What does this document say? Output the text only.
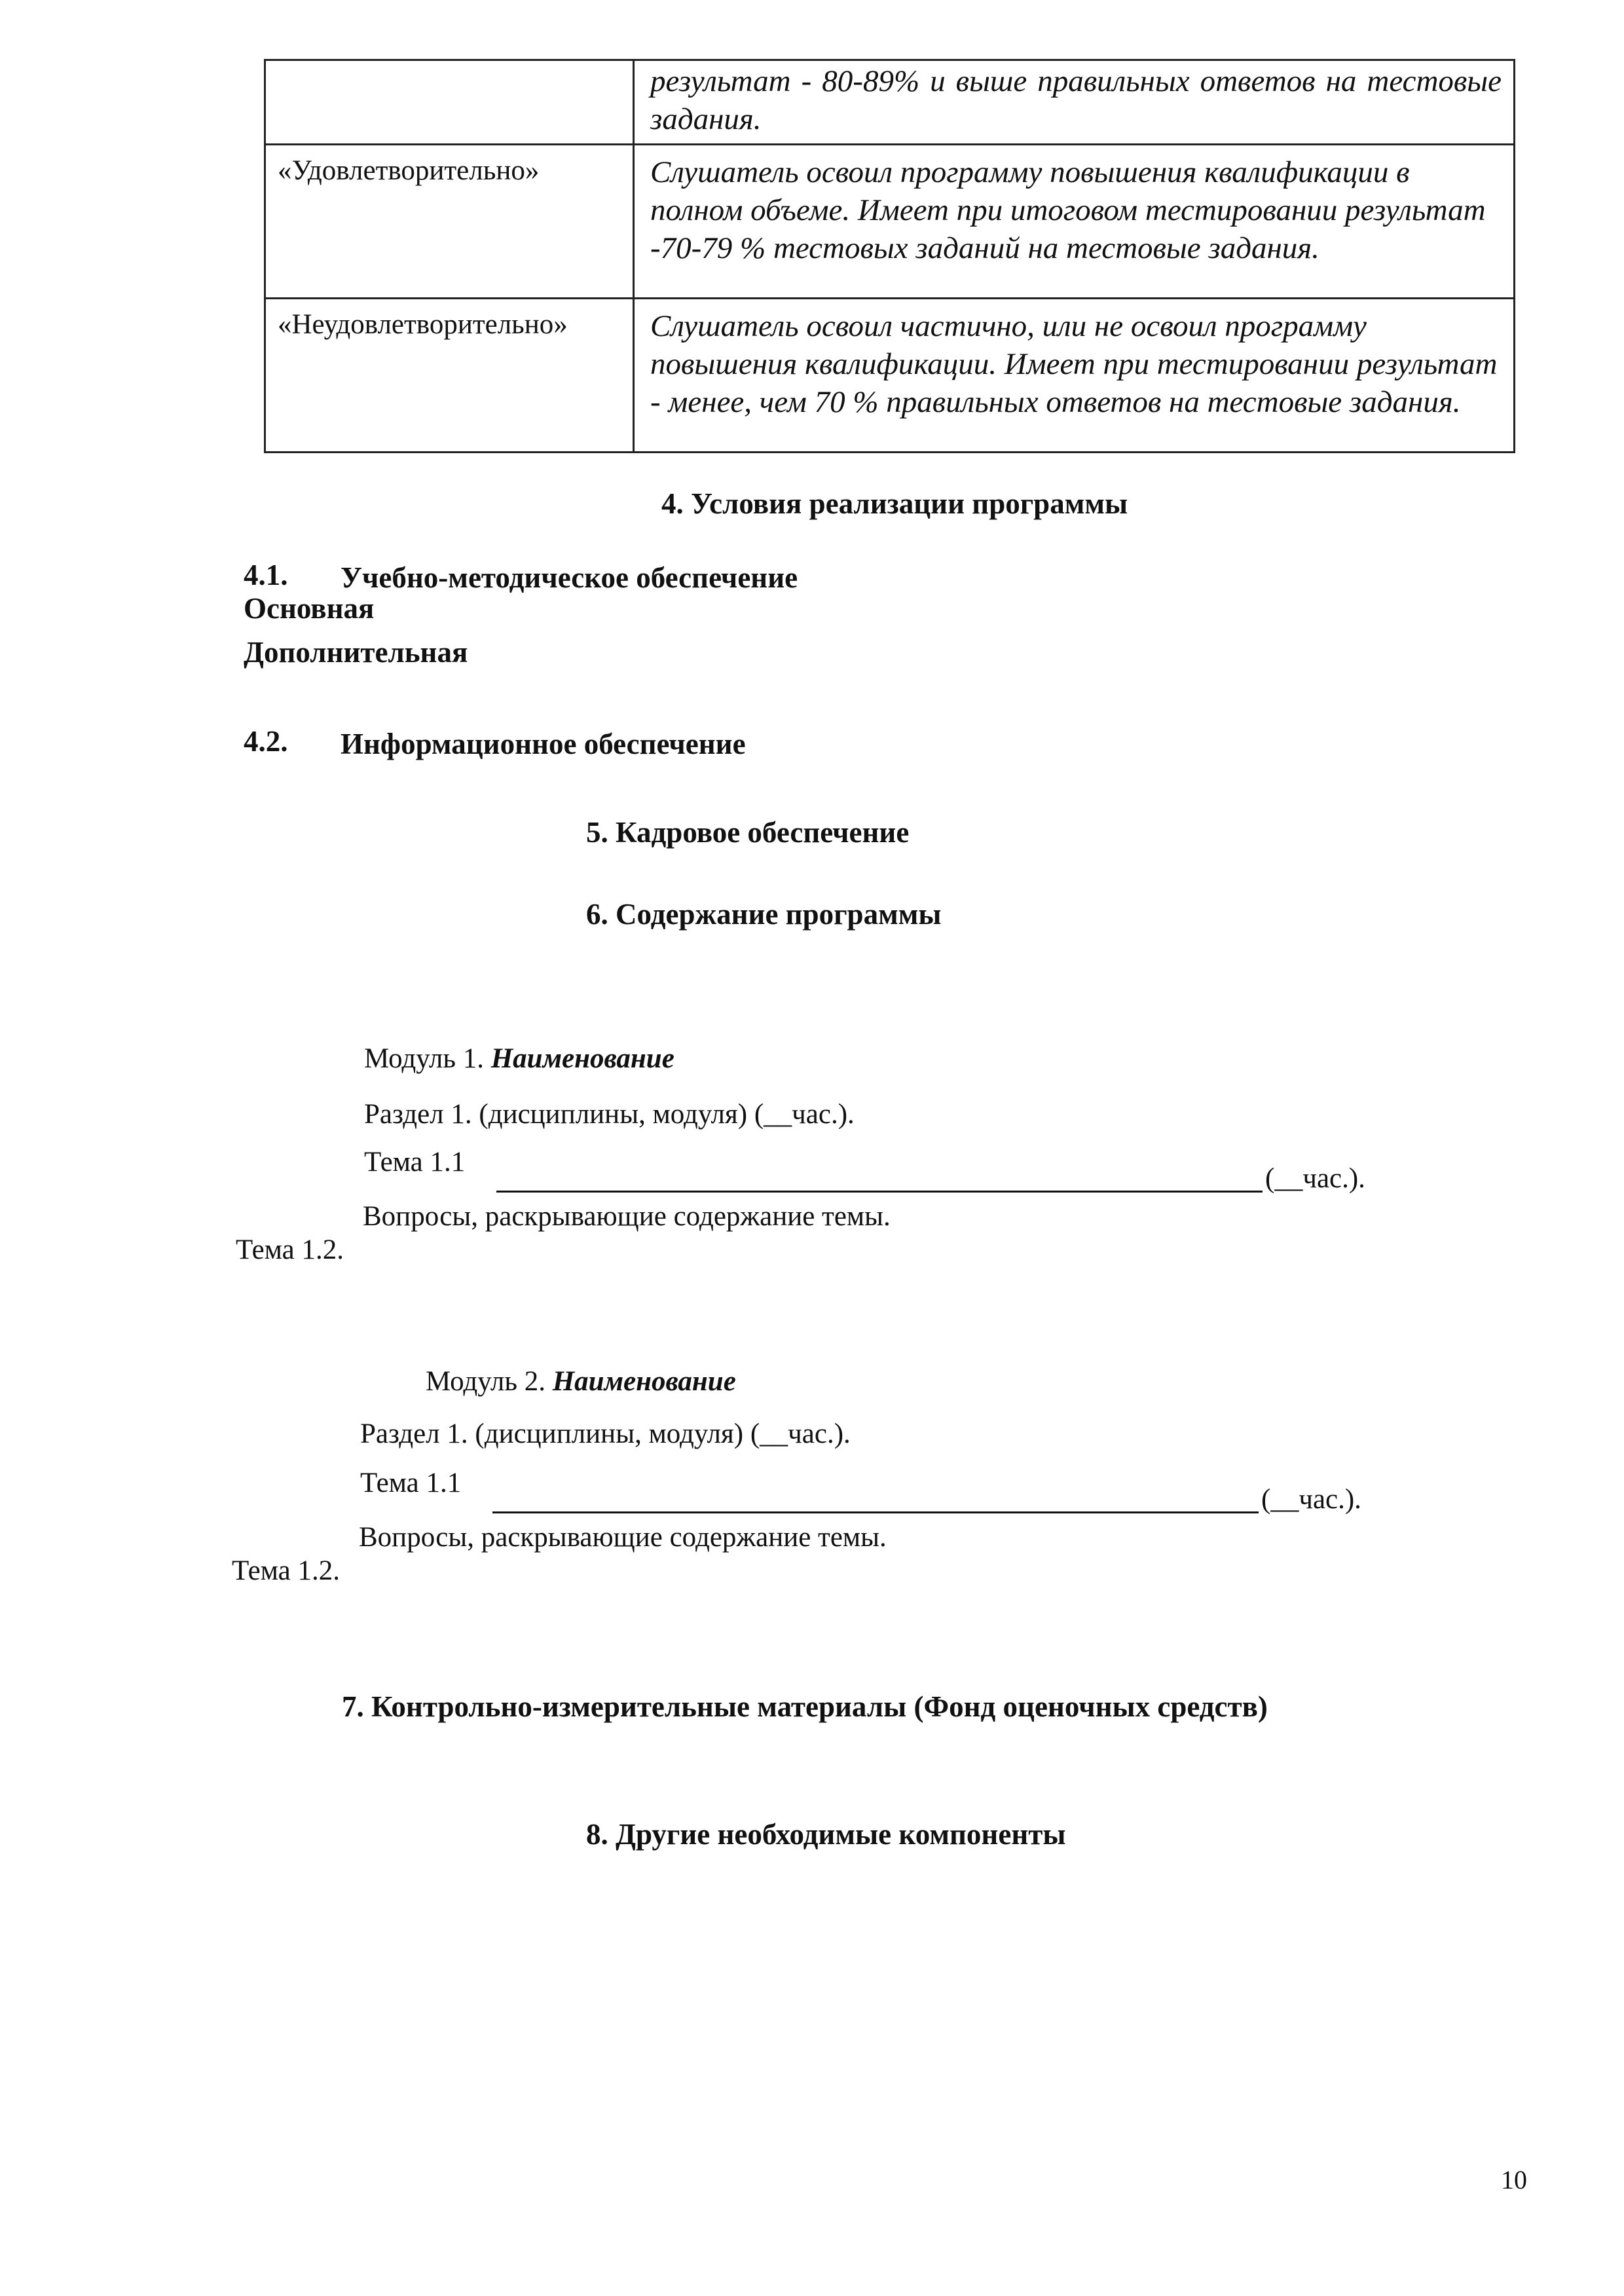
	результат - 80-89% и выше правильных ответов на тестовые задания.

«Удовлетворительно»	Слушатель освоил программу повышения квалификации в полном объеме. Имеет при итоговом тестировании результат -70-79 % тестовых заданий на тестовые задания.

«Неудовлетворительно»	Слушатель освоил частично, или не освоил программу повышения квалификации. Имеет при тестировании результат - менее, чем 70 % правильных ответов на тестовые задания.
4. Условия реализации программы
4.1. Учебно-методическое обеспечение
Основная
Дополнительная
4.2. Информационное обеспечение
5. Кадровое обеспечение
6. Содержание программы
Модуль 1. Наименование
Раздел 1. (дисциплины, модуля) (__час.).
Тема 1.1
(__час.).
Вопросы, раскрывающие содержание темы.
Тема 1.2.
Модуль 2. Наименование
Раздел 1. (дисциплины, модуля) (__час.).
Тема 1.1
(__час.).
Вопросы, раскрывающие содержание темы.
Тема 1.2.
7. Контрольно-измерительные материалы (Фонд оценочных средств)
8. Другие необходимые компоненты
10
